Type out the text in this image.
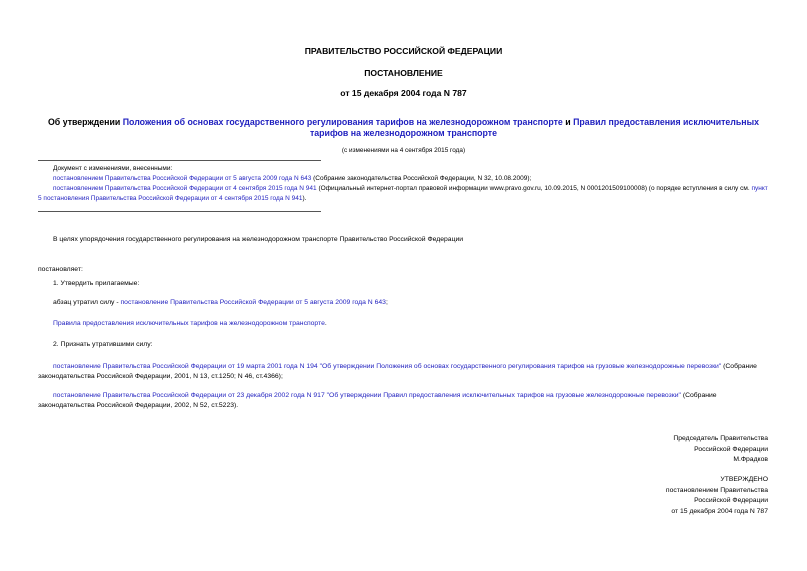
ПРАВИТЕЛЬСТВО РОССИЙСКОЙ ФЕДЕРАЦИИ
ПОСТАНОВЛЕНИЕ
от 15 декабря 2004 года N 787
Об утверждении Положения об основах государственного регулирования тарифов на железнодорожном транспорте и Правил предоставления исключительных тарифов на железнодорожном транспорте
(с изменениями на 4 сентября 2015 года)
Документ с изменениями, внесенными:
постановлением Правительства Российской Федерации от 5 августа 2009 года N 643 (Собрание законодательства Российской Федерации, N 32, 10.08.2009);
постановлением Правительства Российской Федерации от 4 сентября 2015 года N 941 (Официальный интернет-портал правовой информации www.pravo.gov.ru, 10.09.2015, N 0001201509100008) (о порядке вступления в силу см. пункт 5 постановления Правительства Российской Федерации от 4 сентября 2015 года N 941).
В целях упорядочения государственного регулирования на железнодорожном транспорте Правительство Российской Федерации
постановляет:
1. Утвердить прилагаемые:
абзац утратил силу - постановление Правительства Российской Федерации от 5 августа 2009 года N 643;
Правила предоставления исключительных тарифов на железнодорожном транспорте.
2. Признать утратившими силу:
постановление Правительства Российской Федерации от 19 марта 2001 года N 194 "Об утверждении Положения об основах государственного регулирования тарифов на грузовые железнодорожные перевозки" (Собрание законодательства Российской Федерации, 2001, N 13, ст.1250; N 46, ст.4366);
постановление Правительства Российской Федерации от 23 декабря 2002 года N 917 "Об утверждении Правил предоставления исключительных тарифов на грузовые железнодорожные перевозки" (Собрание законодательства Российской Федерации, 2002, N 52, ст.5223).
Председатель Правительства
Российской Федерации
М.Фрадков
УТВЕРЖДЕНО
постановлением Правительства
Российской Федерации
от 15 декабря 2004 года N 787
